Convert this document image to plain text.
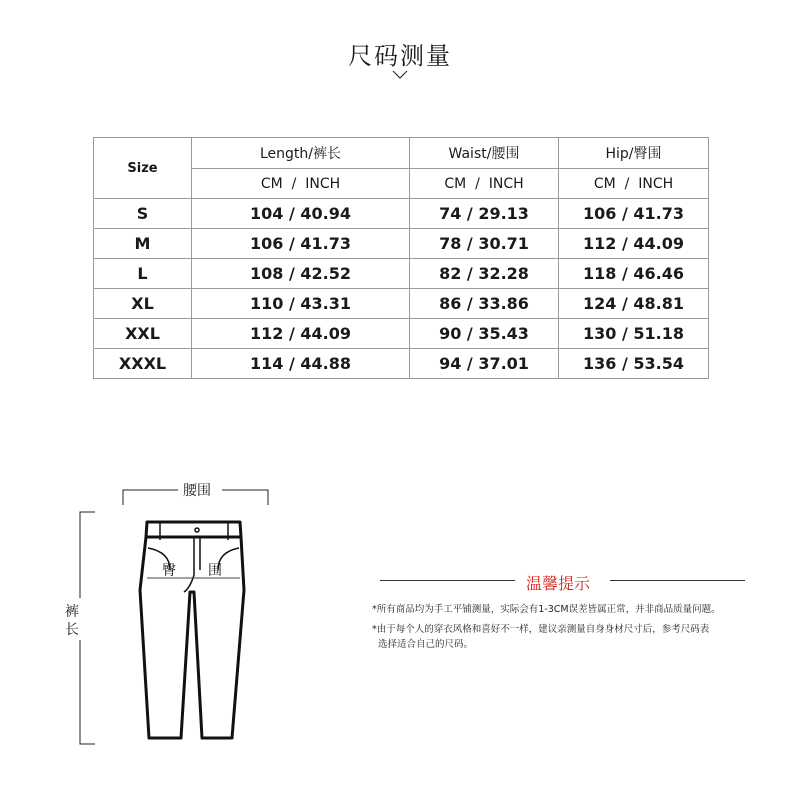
尺码测量
Size	Length/裤长	Waist/腰围	Hip/臀围
	CM  /  INCH	CM  /  INCH	CM  /  INCH
S	104 / 40.94	74 / 29.13	106 / 41.73
M	106 / 41.73	78 / 30.71	112 / 44.09
L	108 / 42.52	82 / 32.28	118 / 46.46
XL	110 / 43.31	86 / 33.86	124 / 48.81
XXL	112 / 44.09	90 / 35.43	130 / 51.18
XXXL	114 / 44.88	94 / 37.01	136 / 53.54
腰围
裤长
臀 围
温馨提示
*所有商品均为手工平铺测量，实际会有1-3CM误差皆属正常，并非商品质量问题。
*由于每个人的穿衣风格和喜好不一样，建议亲测量自身身材尺寸后，参考尺码表
选择适合自己的尺码。
